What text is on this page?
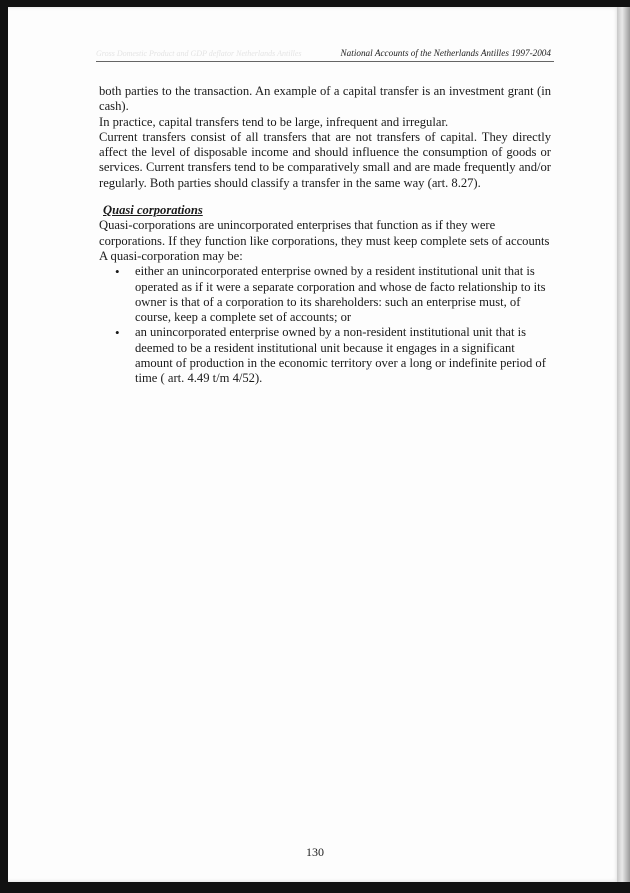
Gross Domestic Product and GDP deflator Netherlands Antilles	National Accounts of the Netherlands Antilles 1997-2004

both parties to the transaction. An example of a capital transfer is an investment grant (in cash).

In practice, capital transfers tend to be large, infrequent and irregular.

Current transfers consist of all transfers that are not transfers of capital. They directly affect the level of disposable income and should influence the consumption of goods or services. Current transfers tend to be comparatively small and are made frequently and/or regularly. Both parties should classify a transfer in the same way (art. 8.27).

Quasi corporations

Quasi-corporations are unincorporated enterprises that function as if they were corporations. If they function like corporations, they must keep complete sets of accounts A quasi-corporation may be:

• either an unincorporated enterprise owned by a resident institutional unit that is operated as if it were a separate corporation and whose de facto relationship to its owner is that of a corporation to its shareholders: such an enterprise must, of course, keep a complete set of accounts; or
• an unincorporated enterprise owned by a non-resident institutional unit that is deemed to be a resident institutional unit because it engages in a significant amount of production in the economic territory over a long or indefinite period of time ( art. 4.49 t/m 4/52).
130
